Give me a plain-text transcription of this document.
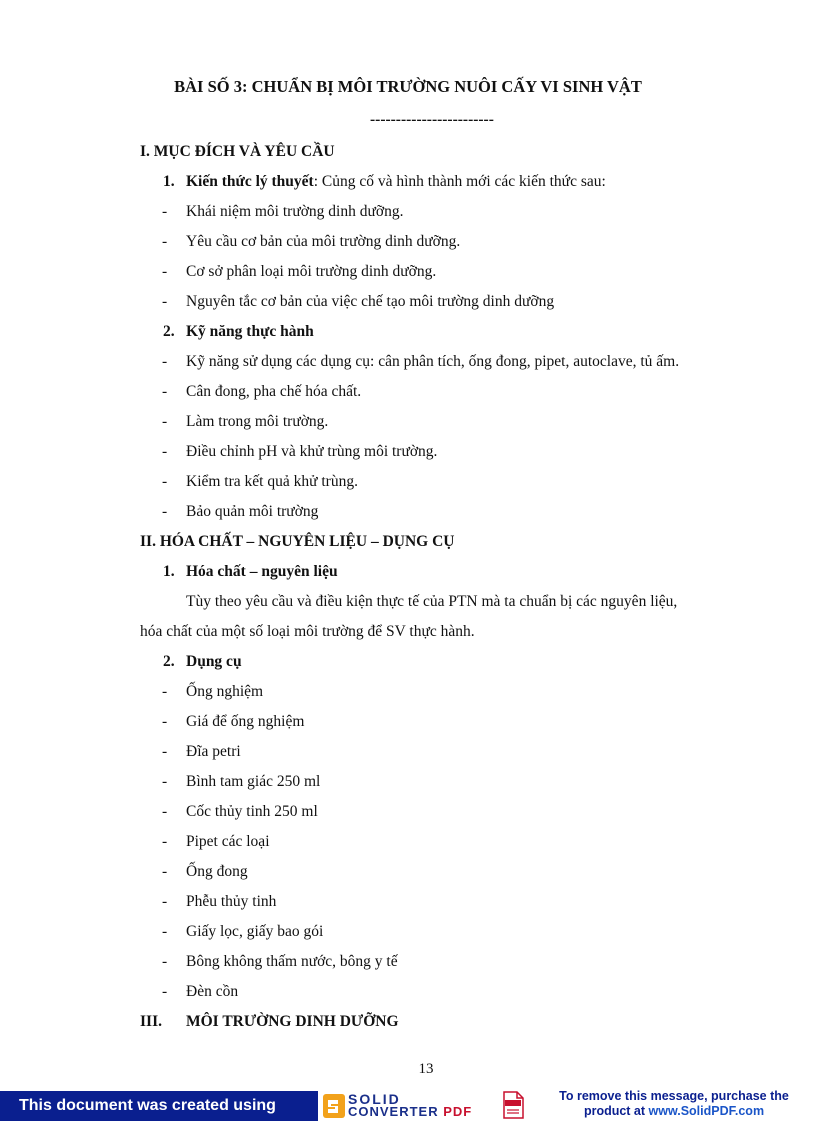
BÀI SỐ 3: CHUẨN BỊ MÔI TRƯỜNG NUÔI CẤY VI SINH VẬT
------------------------
I. MỤC ĐÍCH VÀ YÊU CẦU
1. Kiến thức lý thuyết: Củng cố và hình thành mới các kiến thức sau:
- Khái niệm môi trường dinh dưỡng.
- Yêu cầu cơ bản của môi trường dinh dưỡng.
- Cơ sở phân loại môi trường dinh dưỡng.
- Nguyên tắc cơ bản của việc chế tạo môi trường dinh dưỡng
2. Kỹ năng thực hành
- Kỹ năng sử dụng các dụng cụ: cân phân tích, ống đong, pipet, autoclave, tủ ấm.
- Cân đong, pha chế hóa chất.
- Làm trong môi trường.
- Điều chỉnh pH và khử trùng môi trường.
- Kiểm tra kết quả khử trùng.
- Bảo quản môi trường
II. HÓA CHẤT – NGUYÊN LIỆU – DỤNG CỤ
1. Hóa chất – nguyên liệu
Tùy theo yêu cầu và điều kiện thực tế của PTN mà ta chuẩn bị các nguyên liệu,
hóa chất của một số loại môi trường để SV thực hành.
2. Dụng cụ
- Ống nghiệm
- Giá để ống nghiệm
- Đĩa petri
- Bình tam giác 250 ml
- Cốc thủy tinh 250 ml
- Pipet các loại
- Ống đong
- Phễu thủy tinh
- Giấy lọc, giấy bao gói
- Bông không thấm nước, bông y tế
- Đèn cồn
III. MÔI TRƯỜNG DINH DƯỠNG
13
This document was created using	SOLID
CONVERTER PDF
To remove this message, purchase the
product at www.SolidPDF.com
